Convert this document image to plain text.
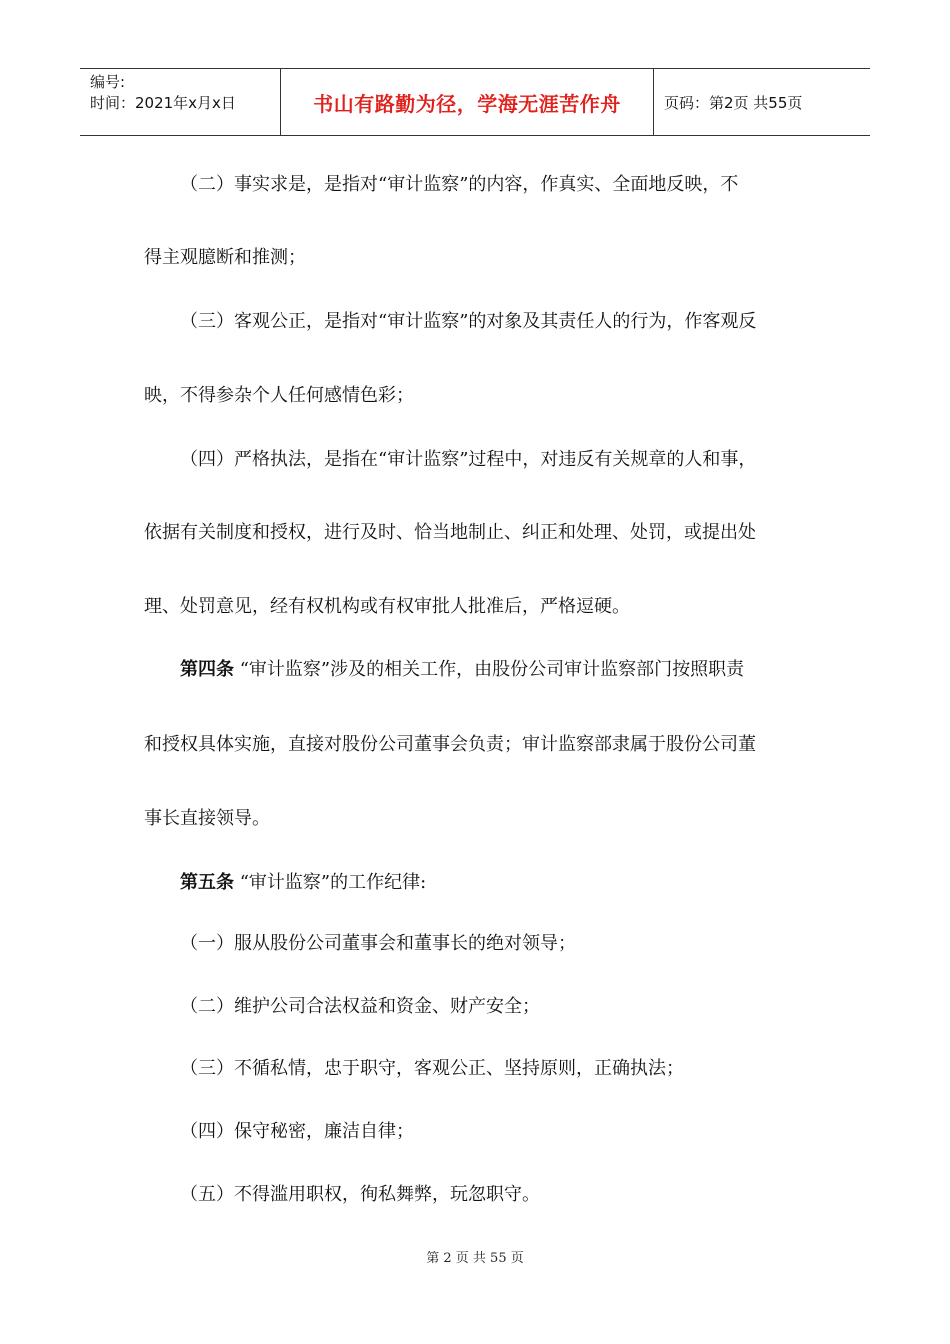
编号:
时间：2021年x月x日	书山有路勤为径，学海无涯苦作舟	页码：第2页 共55页
（二）事实求是，是指对“审计监察”的内容，作真实、全面地反映，不
得主观臆断和推测；
（三）客观公正，是指对“审计监察”的对象及其责任人的行为，作客观反
映，不得参杂个人任何感情色彩；
（四）严格执法，是指在“审计监察”过程中，对违反有关规章的人和事，
依据有关制度和授权，进行及时、恰当地制止、纠正和处理、处罚，或提出处
理、处罚意见，经有权机构或有权审批人批准后，严格逗硬。
第四条 “审计监察”涉及的相关工作，由股份公司审计监察部门按照职责
和授权具体实施，直接对股份公司董事会负责；审计监察部隶属于股份公司董
事长直接领导。
第五条 “审计监察”的工作纪律:
（一）服从股份公司董事会和董事长的绝对领导；
（二）维护公司合法权益和资金、财产安全；
（三）不循私情，忠于职守，客观公正、坚持原则，正确执法；
（四）保守秘密，廉洁自律；
（五）不得滥用职权，徇私舞弊，玩忽职守。
第 2 页 共 55 页
